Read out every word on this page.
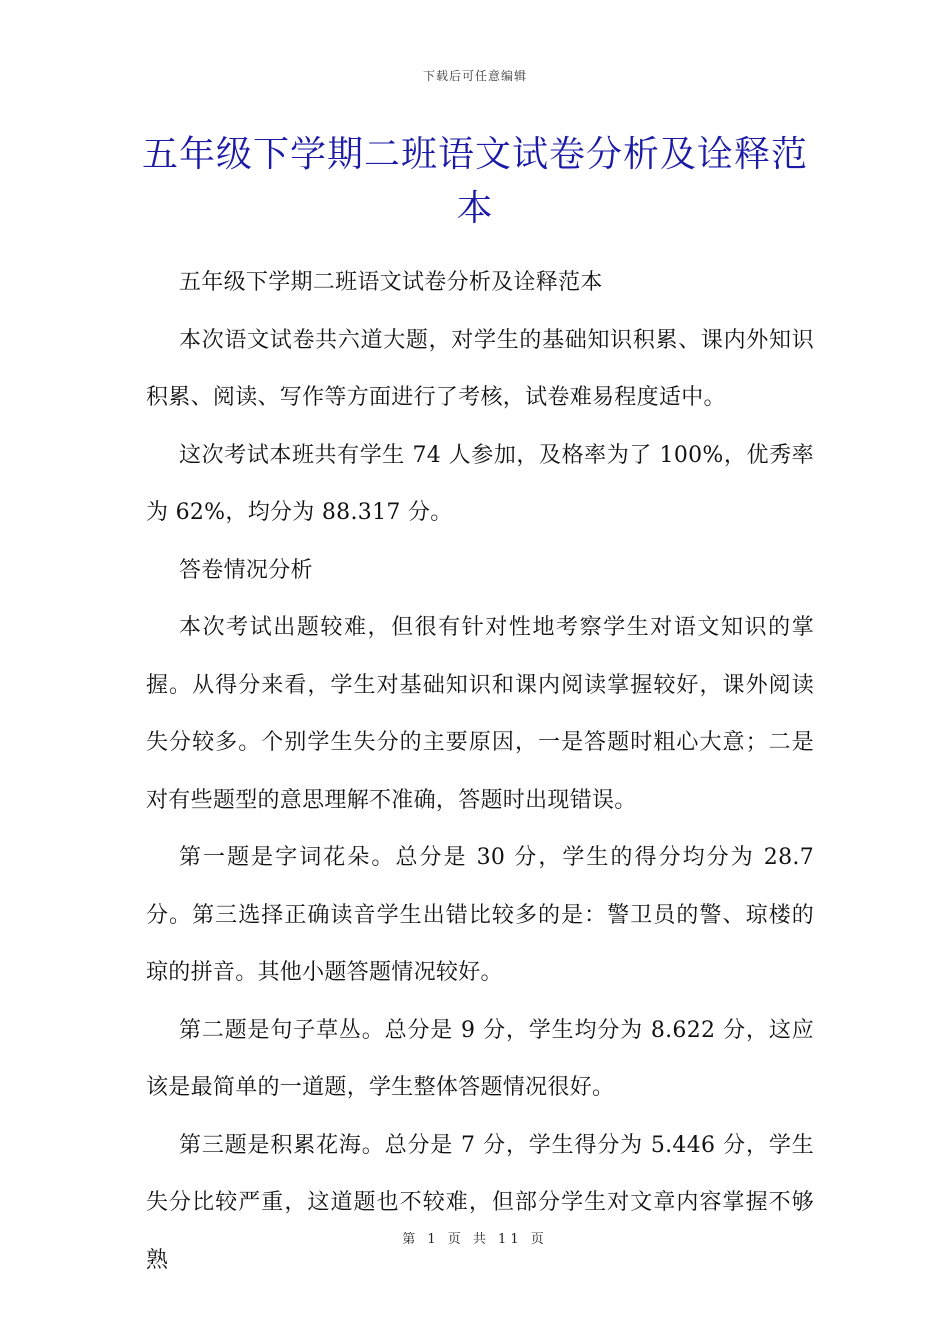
下载后可任意编辑
五年级下学期二班语文试卷分析及诠释范本

五年级下学期二班语文试卷分析及诠释范本

本次语文试卷共六道大题，对学生的基础知识积累、课内外知识积累、阅读、写作等方面进行了考核，试卷难易程度适中。

这次考试本班共有学生 74 人参加，及格率为了 100%，优秀率为 62%，均分为 88.317 分。

答卷情况分析

本次考试出题较难，但很有针对性地考察学生对语文知识的掌握。从得分来看，学生对基础知识和课内阅读掌握较好，课外阅读失分较多。个别学生失分的主要原因，一是答题时粗心大意；二是对有些题型的意思理解不准确，答题时出现错误。

第一题是字词花朵。总分是 30 分，学生的得分均分为 28.7 分。第三选择正确读音学生出错比较多的是：警卫员的警、琼楼的琼的拼音。其他小题答题情况较好。

第二题是句子草丛。总分是 9 分，学生均分为 8.622 分，这应该是最简单的一道题，学生整体答题情况很好。

第三题是积累花海。总分是 7 分，学生得分为 5.446 分，学生失分比较严重，这道题也不较难，但部分学生对文章内容掌握不够熟

第 1 页 共 11 页
